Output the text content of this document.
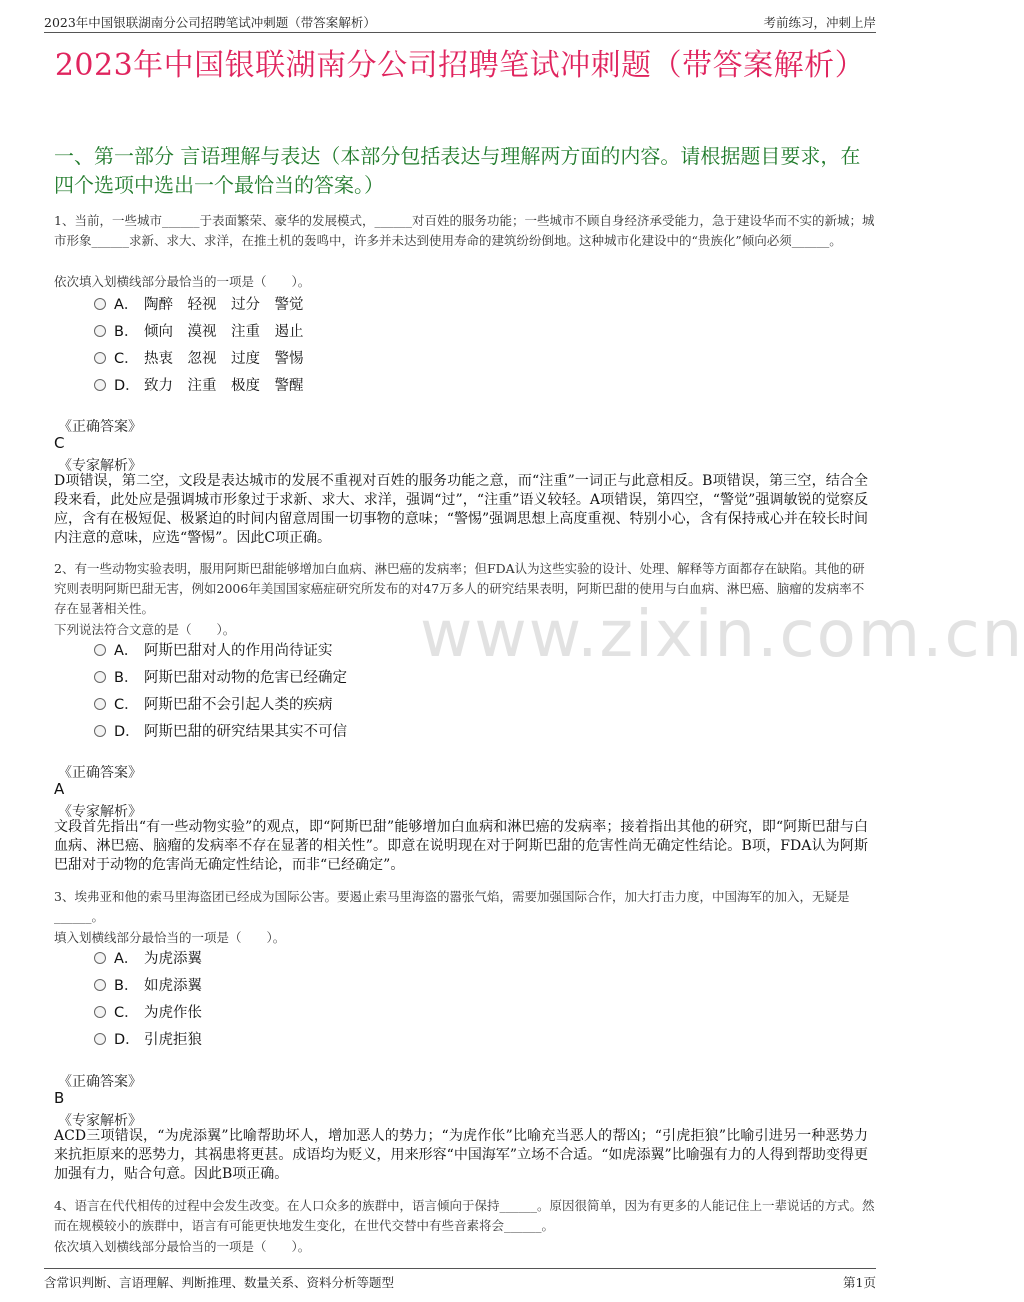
2023年中国银联湖南分公司招聘笔试冲刺题（带答案解析）	考前练习，冲刺上岸
2023年中国银联湖南分公司招聘笔试冲刺题（带答案解析）
一、第一部分 言语理解与表达（本部分包括表达与理解两方面的内容。请根据题目要求，在四个选项中选出一个最恰当的答案。）
www.zixin.com.cn
1、当前，一些城市______于表面繁荣、豪华的发展模式，______对百姓的服务功能；一些城市不顾自身经济承受能力，急于建设华而不实的新城；城市形象______求新、求大、求洋，在推土机的轰鸣中，许多并未达到使用寿命的建筑纷纷倒地。这种城市化建设中的“贵族化”倾向必须______。
依次填入划横线部分最恰当的一项是（　　）。
A． 陶醉　轻视　过分　警觉
B． 倾向　漠视　注重　遏止
C． 热衷　忽视　过度　警惕
D． 致力　注重　极度　警醒
《正确答案》
C
《专家解析》
D项错误，第二空，文段是表达城市的发展不重视对百姓的服务功能之意，而“注重”一词正与此意相反。B项错误，第三空，结合全段来看，此处应是强调城市形象过于求新、求大、求洋，强调“过”，“注重”语义较轻。A项错误，第四空，“警觉”强调敏锐的觉察反应，含有在极短促、极紧迫的时间内留意周围一切事物的意味；“警惕”强调思想上高度重视、特别小心，含有保持戒心并在较长时间内注意的意味，应选“警惕”。因此C项正确。
2、有一些动物实验表明，服用阿斯巴甜能够增加白血病、淋巴癌的发病率；但FDA认为这些实验的设计、处理、解释等方面都存在缺陷。其他的研究则表明阿斯巴甜无害，例如2006年美国国家癌症研究所发布的对47万多人的研究结果表明，阿斯巴甜的使用与白血病、淋巴癌、脑瘤的发病率不存在显著相关性。
下列说法符合文意的是（　　）。
A． 阿斯巴甜对人的作用尚待证实
B． 阿斯巴甜对动物的危害已经确定
C． 阿斯巴甜不会引起人类的疾病
D． 阿斯巴甜的研究结果其实不可信
《正确答案》
A
《专家解析》
文段首先指出“有一些动物实验”的观点，即“阿斯巴甜”能够增加白血病和淋巴癌的发病率；接着指出其他的研究，即“阿斯巴甜与白血病、淋巴癌、脑瘤的发病率不存在显著的相关性”。即意在说明现在对于阿斯巴甜的危害性尚无确定性结论。B项，FDA认为阿斯巴甜对于动物的危害尚无确定性结论，而非“已经确定”。
3、埃弗亚和他的索马里海盗团已经成为国际公害。要遏止索马里海盗的嚣张气焰，需要加强国际合作，加大打击力度，中国海军的加入，无疑是______。
填入划横线部分最恰当的一项是（　　）。
A． 为虎添翼
B． 如虎添翼
C． 为虎作伥
D． 引虎拒狼
《正确答案》
B
《专家解析》
ACD三项错误，“为虎添翼”比喻帮助坏人，增加恶人的势力；“为虎作伥”比喻充当恶人的帮凶；“引虎拒狼”比喻引进另一种恶势力来抗拒原来的恶势力，其祸患将更甚。成语均为贬义，用来形容“中国海军”立场不合适。“如虎添翼”比喻强有力的人得到帮助变得更加强有力，贴合句意。因此B项正确。
4、语言在代代相传的过程中会发生改变。在人口众多的族群中，语言倾向于保持______。原因很简单，因为有更多的人能记住上一辈说话的方式。然而在规模较小的族群中，语言有可能更快地发生变化，在世代交替中有些音素将会______。
依次填入划横线部分最恰当的一项是（　　）。
含常识判断、言语理解、判断推理、数量关系、资料分析等题型	第1页
